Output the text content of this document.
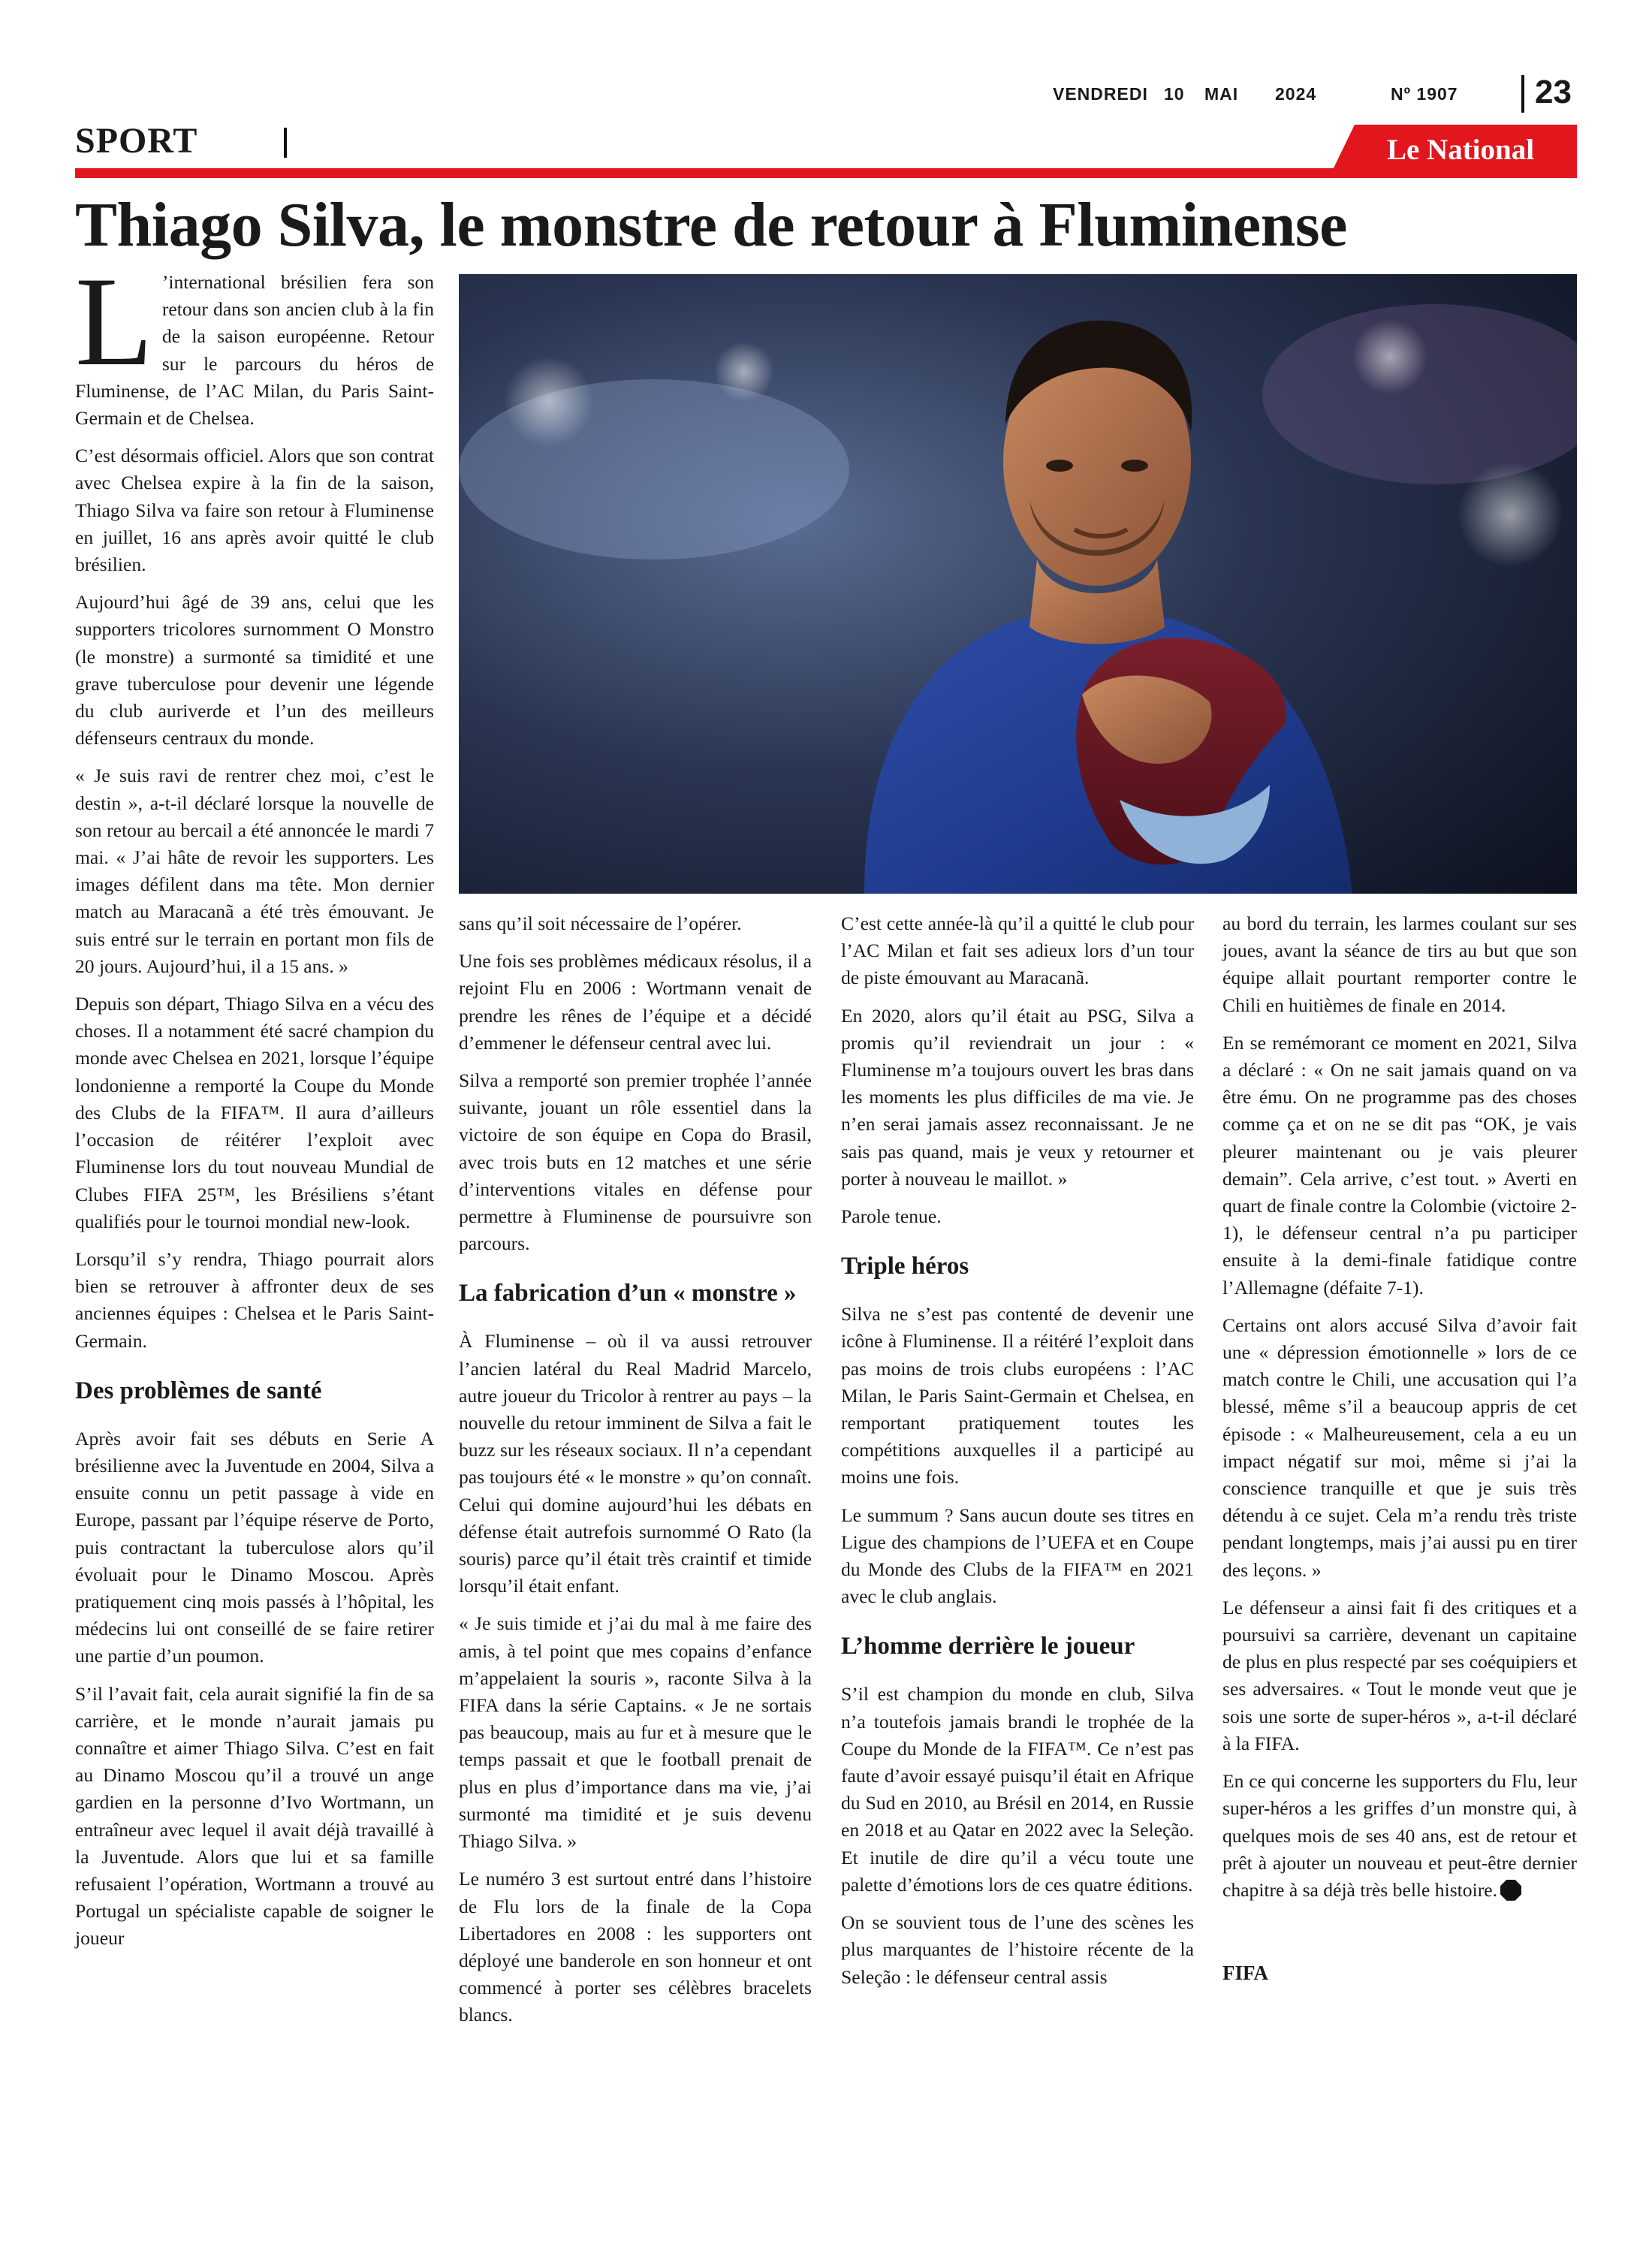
VENDREDI 10 MAI 2024	Nº 1907 23
SPORT	Le National
Thiago Silva, le monstre de retour à Fluminense

L ’international brésilien fera son retour dans son ancien club à la fin de la saison européenne. Retour sur le parcours du héros de Fluminense, de l’AC Milan, du Paris Saint-Germain et de Chelsea.

C’est désormais officiel. Alors que son contrat avec Chelsea expire à la fin de la saison, Thiago Silva va faire son retour à Fluminense en juillet, 16 ans après avoir quitté le club brésilien.

Aujourd’hui âgé de 39 ans, celui que les supporters tricolores surnomment O Monstro (le monstre) a surmonté sa timidité et une grave tuberculose pour devenir une légende du club auriverde et l’un des meilleurs défenseurs centraux du monde.

« Je suis ravi de rentrer chez moi, c’est le destin », a-t-il déclaré lorsque la nouvelle de son retour au bercail a été annoncée le mardi 7 mai. « J’ai hâte de revoir les supporters. Les images défilent dans ma tête. Mon dernier match au Maracanã a été très émouvant. Je suis entré sur le terrain en portant mon fils de 20 jours. Aujourd’hui, il a 15 ans. »

Depuis son départ, Thiago Silva en a vécu des choses. Il a notamment été sacré champion du monde avec Chelsea en 2021, lorsque l’équipe londonienne a remporté la Coupe du Monde des Clubs de la FIFA™. Il aura d’ailleurs l’occasion de réitérer l’exploit avec Fluminense lors du tout nouveau Mundial de Clubes FIFA 25™, les Brésiliens s’étant qualifiés pour le tournoi mondial new-look.

Lorsqu’il s’y rendra, Thiago pourrait alors bien se retrouver à affronter deux de ses anciennes équipes : Chelsea et le Paris Saint-Germain.

Des problèmes de santé

Après avoir fait ses débuts en Serie A brésilienne avec la Juventude en 2004, Silva a ensuite connu un petit passage à vide en Europe, passant par l’équipe réserve de Porto, puis contractant la tuberculose alors qu’il évoluait pour le Dinamo Moscou. Après pratiquement cinq mois passés à l’hôpital, les médecins lui ont conseillé de se faire retirer une partie d’un poumon.

S’il l’avait fait, cela aurait signifié la fin de sa carrière, et le monde n’aurait jamais pu connaître et aimer Thiago Silva. C’est en fait au Dinamo Moscou qu’il a trouvé un ange gardien en la personne d’Ivo Wortmann, un entraîneur avec lequel il avait déjà travaillé à la Juventude. Alors que lui et sa famille refusaient l’opération, Wortmann a trouvé au Portugal un spécialiste capable de soigner le joueur

sans qu’il soit nécessaire de l’opérer.

Une fois ses problèmes médicaux résolus, il a rejoint Flu en 2006 : Wortmann venait de prendre les rênes de l’équipe et a décidé d’emmener le défenseur central avec lui.

Silva a remporté son premier trophée l’année suivante, jouant un rôle essentiel dans la victoire de son équipe en Copa do Brasil, avec trois buts en 12 matches et une série d’interventions vitales en défense pour permettre à Fluminense de poursuivre son parcours.

La fabrication d’un « monstre »

À Fluminense – où il va aussi retrouver l’ancien latéral du Real Madrid Marcelo, autre joueur du Tricolor à rentrer au pays – la nouvelle du retour imminent de Silva a fait le buzz sur les réseaux sociaux. Il n’a cependant pas toujours été « le monstre » qu’on connaît. Celui qui domine aujourd’hui les débats en défense était autrefois surnommé O Rato (la souris) parce qu’il était très craintif et timide lorsqu’il était enfant.

« Je suis timide et j’ai du mal à me faire des amis, à tel point que mes copains d’enfance m’appelaient la souris », raconte Silva à la FIFA dans la série Captains. « Je ne sortais pas beaucoup, mais au fur et à mesure que le temps passait et que le football prenait de plus en plus d’importance dans ma vie, j’ai surmonté ma timidité et je suis devenu Thiago Silva. »

Le numéro 3 est surtout entré dans l’histoire de Flu lors de la finale de la Copa Libertadores en 2008 : les supporters ont déployé une banderole en son honneur et ont commencé à porter ses célèbres bracelets blancs.

C’est cette année-là qu’il a quitté le club pour l’AC Milan et fait ses adieux lors d’un tour de piste émouvant au Maracanã.

En 2020, alors qu’il était au PSG, Silva a promis qu’il reviendrait un jour : « Fluminense m’a toujours ouvert les bras dans les moments les plus difficiles de ma vie. Je n’en serai jamais assez reconnaissant. Je ne sais pas quand, mais je veux y retourner et porter à nouveau le maillot. »

Parole tenue.

Triple héros

Silva ne s’est pas contenté de devenir une icône à Fluminense. Il a réitéré l’exploit dans pas moins de trois clubs européens : l’AC Milan, le Paris Saint-Germain et Chelsea, en remportant pratiquement toutes les compétitions auxquelles il a participé au moins une fois.

Le summum ? Sans aucun doute ses titres en Ligue des champions de l’UEFA et en Coupe du Monde des Clubs de la FIFA™ en 2021 avec le club anglais.

L’homme derrière le joueur

S’il est champion du monde en club, Silva n’a toutefois jamais brandi le trophée de la Coupe du Monde de la FIFA™. Ce n’est pas faute d’avoir essayé puisqu’il était en Afrique du Sud en 2010, au Brésil en 2014, en Russie en 2018 et au Qatar en 2022 avec la Seleção. Et inutile de dire qu’il a vécu toute une palette d’émotions lors de ces quatre éditions.

On se souvient tous de l’une des scènes les plus marquantes de l’histoire récente de la Seleção : le défenseur central assis

au bord du terrain, les larmes coulant sur ses joues, avant la séance de tirs au but que son équipe allait pourtant remporter contre le Chili en huitièmes de finale en 2014.

En se remémorant ce moment en 2021, Silva a déclaré : « On ne sait jamais quand on va être ému. On ne programme pas des choses comme ça et on ne se dit pas “OK, je vais pleurer maintenant ou je vais pleurer demain”. Cela arrive, c’est tout. » Averti en quart de finale contre la Colombie (victoire 2-1), le défenseur central n’a pu participer ensuite à la demi-finale fatidique contre l’Allemagne (défaite 7-1).

Certains ont alors accusé Silva d’avoir fait une « dépression émotionnelle » lors de ce match contre le Chili, une accusation qui l’a blessé, même s’il a beaucoup appris de cet épisode : « Malheureusement, cela a eu un impact négatif sur moi, même si j’ai la conscience tranquille et que je suis très détendu à ce sujet. Cela m’a rendu très triste pendant longtemps, mais j’ai aussi pu en tirer des leçons. »

Le défenseur a ainsi fait fi des critiques et a poursuivi sa carrière, devenant un capitaine de plus en plus respecté par ses coéquipiers et ses adversaires. « Tout le monde veut que je sois une sorte de super-héros », a-t-il déclaré à la FIFA.

En ce qui concerne les supporters du Flu, leur super-héros a les griffes d’un monstre qui, à quelques mois de ses 40 ans, est de retour et prêt à ajouter un nouveau et peut-être dernier chapitre à sa déjà très belle histoire.

FIFA
